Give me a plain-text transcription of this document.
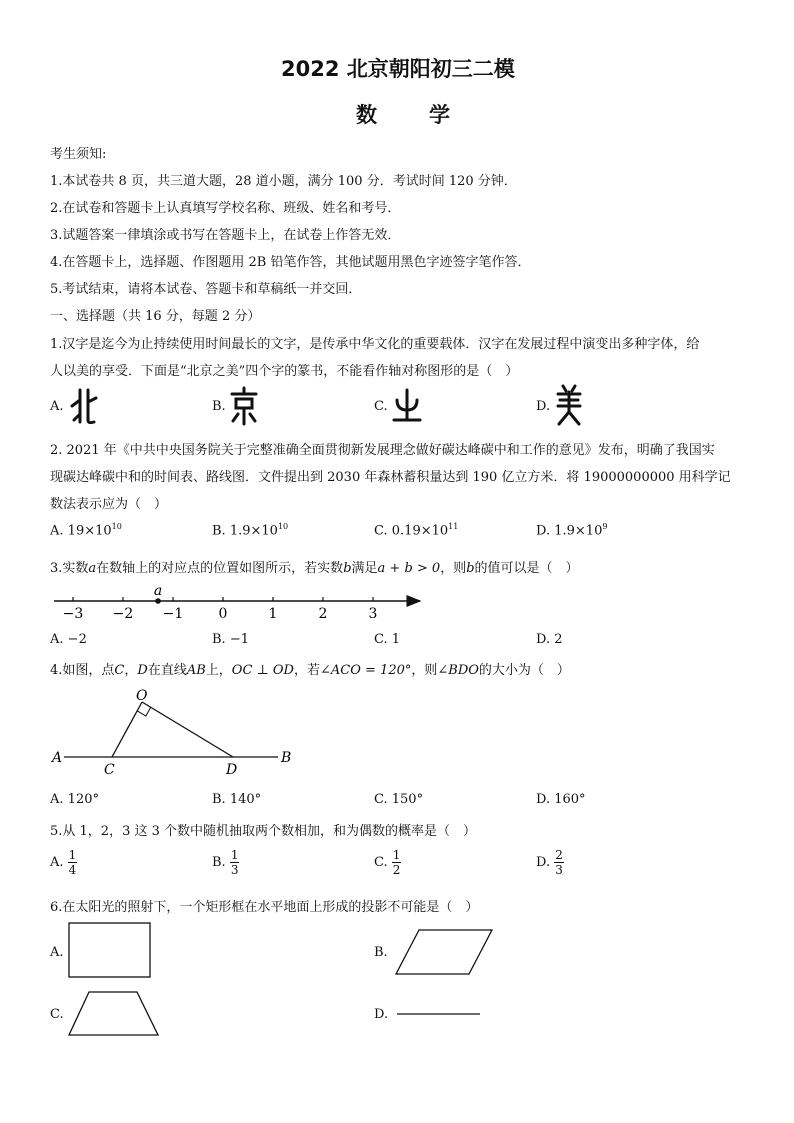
2022 北京朝阳初三二模
数学
考生须知:
1.本试卷共 8 页，共三道大题，28 道小题，满分 100 分．考试时间 120 分钟．
2.在试卷和答题卡上认真填写学校名称、班级、姓名和考号．
3.试题答案一律填涂或书写在答题卡上，在试卷上作答无效．
4.在答题卡上，选择题、作图题用 2B 铅笔作答，其他试题用黑色字迹签字笔作答．
5.考试结束，请将本试卷、答题卡和草稿纸一并交回．
一、选择题（共 16 分，每题 2 分）
1.汉字是迄今为止持续使用时间最长的文字，是传承中华文化的重要载体．汉字在发展过程中演变出多种字体，给
人以美的享受．下面是“北京之美”四个字的篆书，不能看作轴对称图形的是（　）
A.	B.	C.	D.
2. 2021 年《中共中央国务院关于完整准确全面贯彻新发展理念做好碳达峰碳中和工作的意见》发布，明确了我国实
现碳达峰碳中和的时间表、路线图．文件提出到 2030 年森林蓄积量达到 190 亿立方米．将 19000000000 用科学记
数法表示应为（　）
A. $19\times 10^{10}$	B. $1.9\times 10^{10}$	C. $0.19\times 10^{11}$	D. $1.9\times 10^9$
3.实数a在数轴上的对应点的位置如图所示，若实数b满足a + b > 0，则b的值可以是（　）
−3 −2 −1	0	1	2	3
a
A. −2	B. −1	C. 1	D. 2
4.如图，点C，D在直线AB上，OC ⊥ OD，若∠ACO = 120°，则∠BDO的大小为（　）
O
A
C	D
B
A. 120°	B. 140°	C. 150°	D. 160°
5.从 1，2，3 这 3 个数中随机抽取两个数相加，和为偶数的概率是（　）
A. $\frac{1}{4}$	B. $\frac{1}{3}$	C. $\frac{1}{2}$	D. $\frac{2}{3}$
6.在太阳光的照射下，一个矩形框在水平地面上形成的投影不可能是（　）
A.	B.
C.	D.
